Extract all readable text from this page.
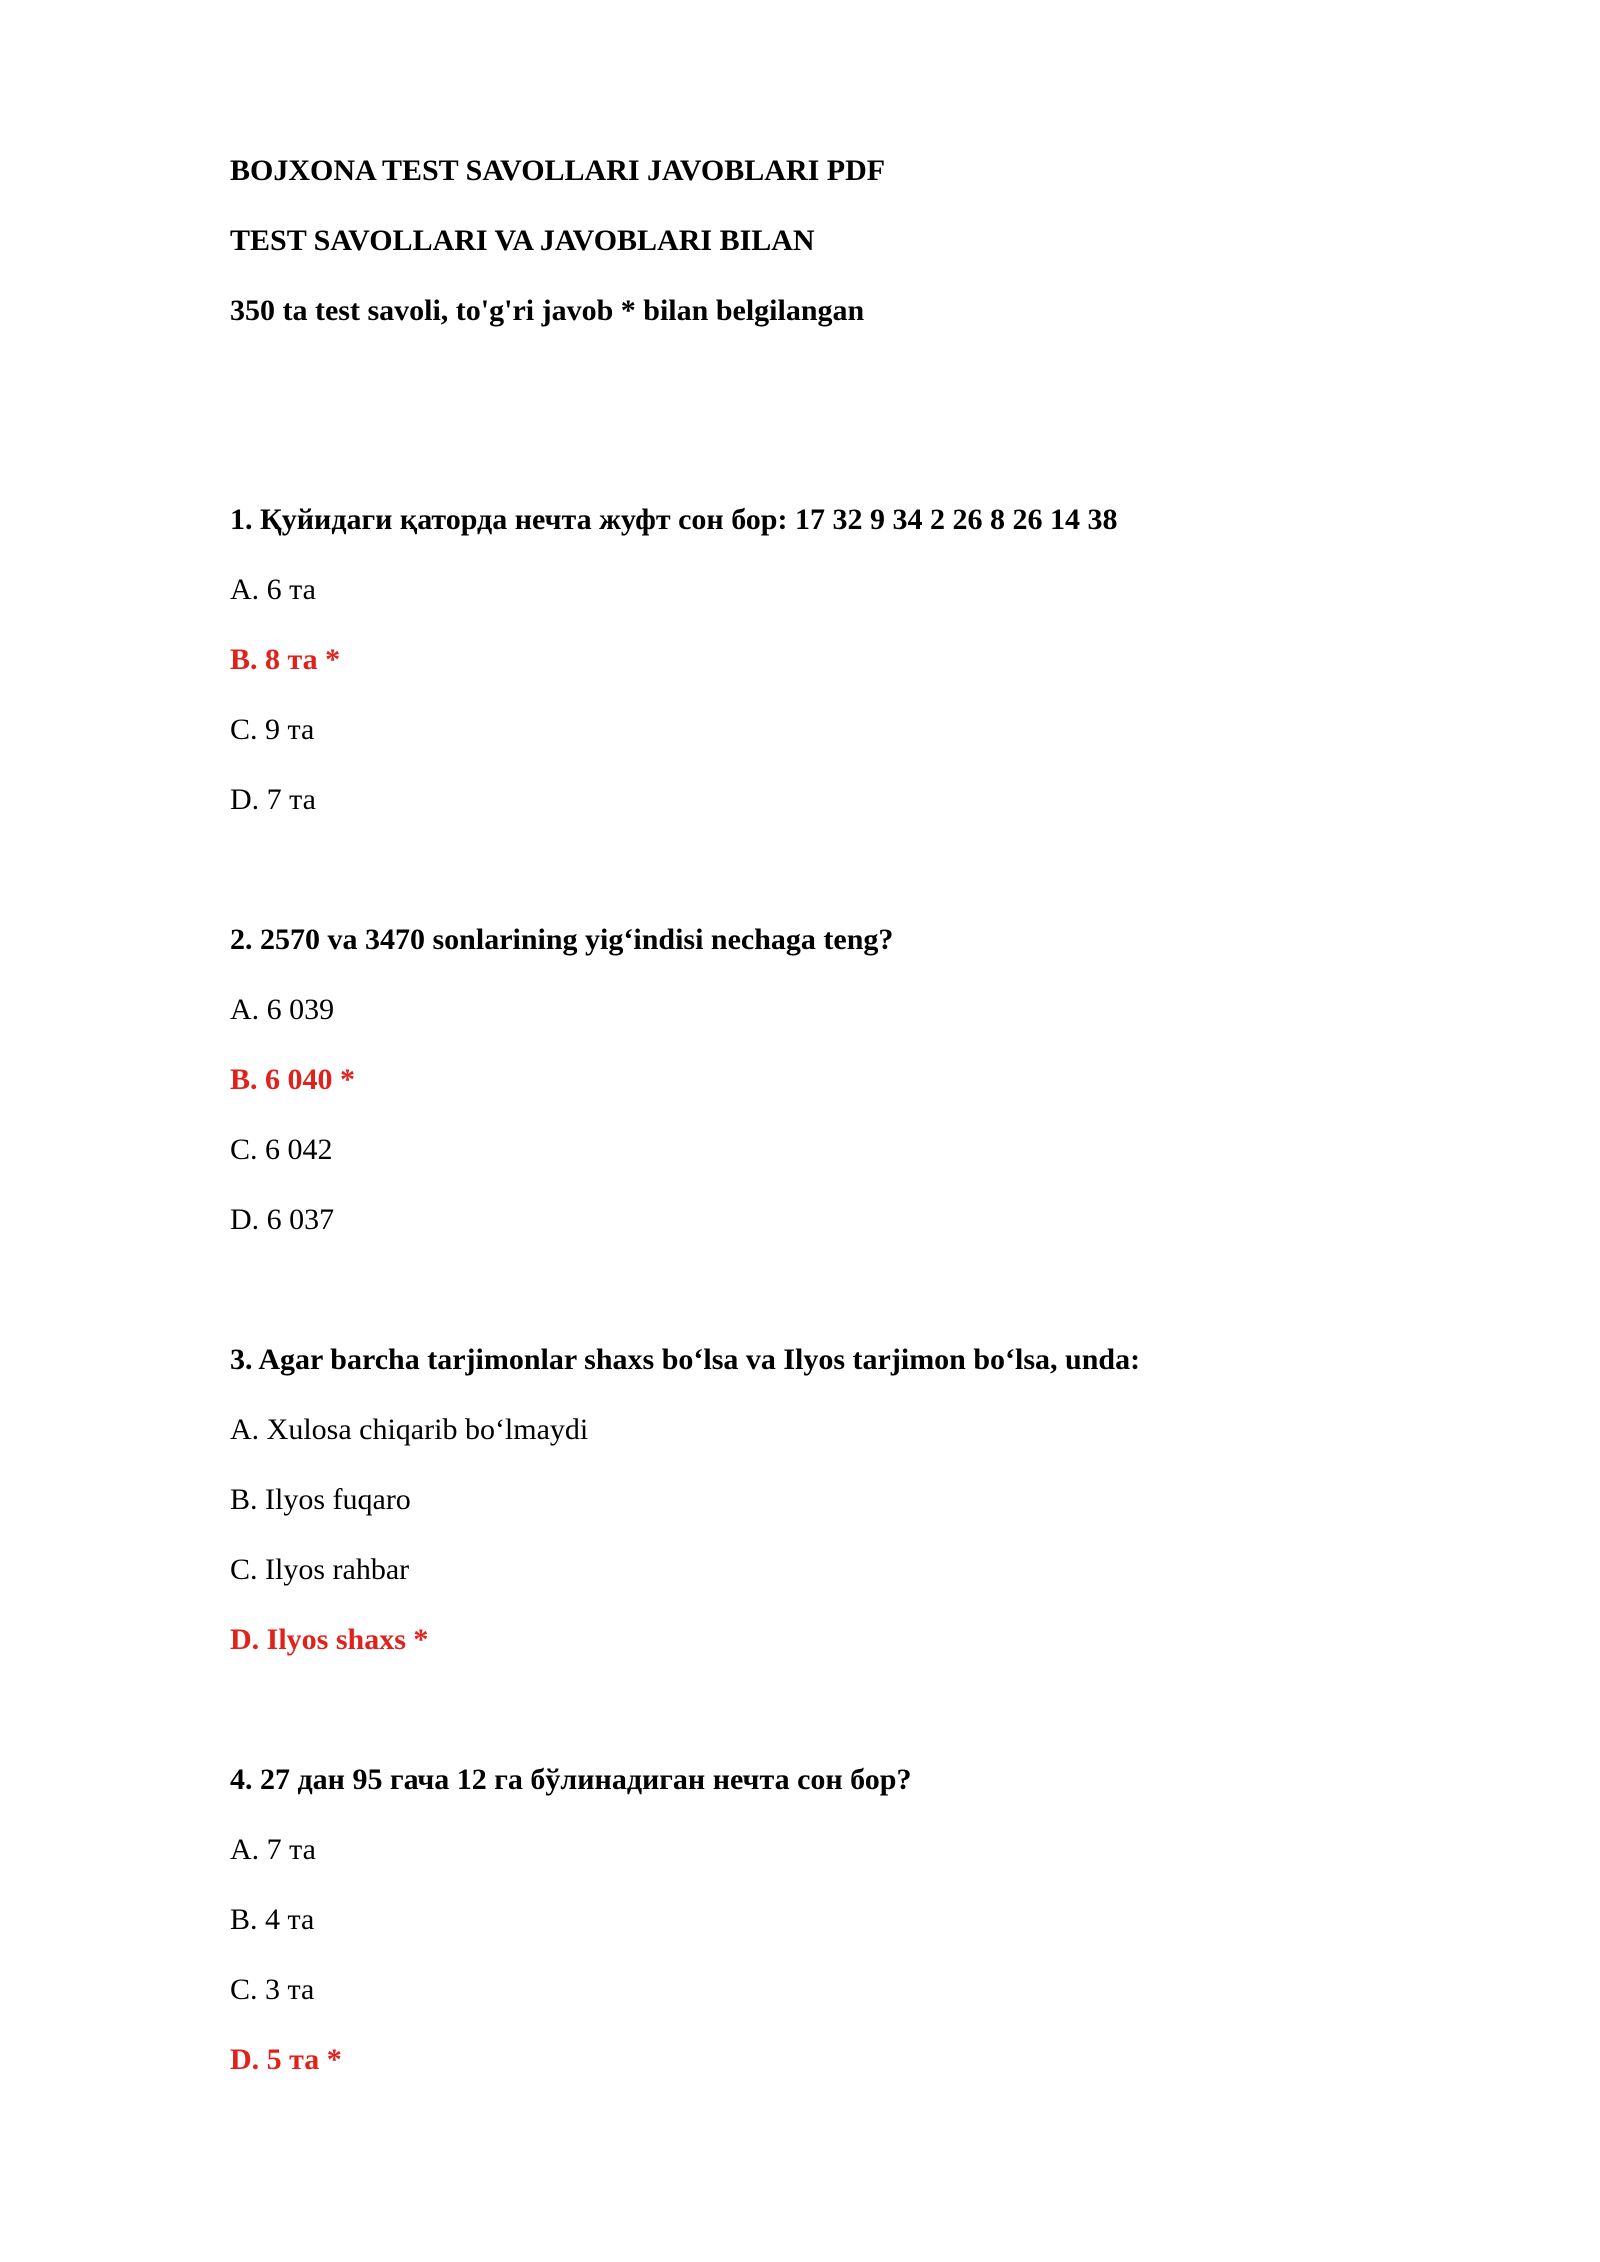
BOJXONA TEST SAVOLLARI JAVOBLARI PDF
TEST SAVOLLARI VA JAVOBLARI BILAN
350 ta test savoli, to'g'ri javob * bilan belgilangan
1. Қуйидаги қаторда нечта жуфт сон бор: 17 32 9 34 2 26 8 26 14 38
A. 6 та
B. 8 та *
C. 9 та
D. 7 та
2. 2570 va 3470 sonlarining yig‘indisi nechaga teng?
A. 6 039
B. 6 040 *
C. 6 042
D. 6 037
3. Agar barcha tarjimonlar shaxs bo‘lsa va Ilyos tarjimon bo‘lsa, unda:
A. Xulosa chiqarib bo‘lmaydi
B. Ilyos fuqaro
C. Ilyos rahbar
D. Ilyos shaxs *
4. 27 дан 95 гача 12 га бўлинадиган нечта сон бор?
A. 7 та
B. 4 та
C. 3 та
D. 5 та *
